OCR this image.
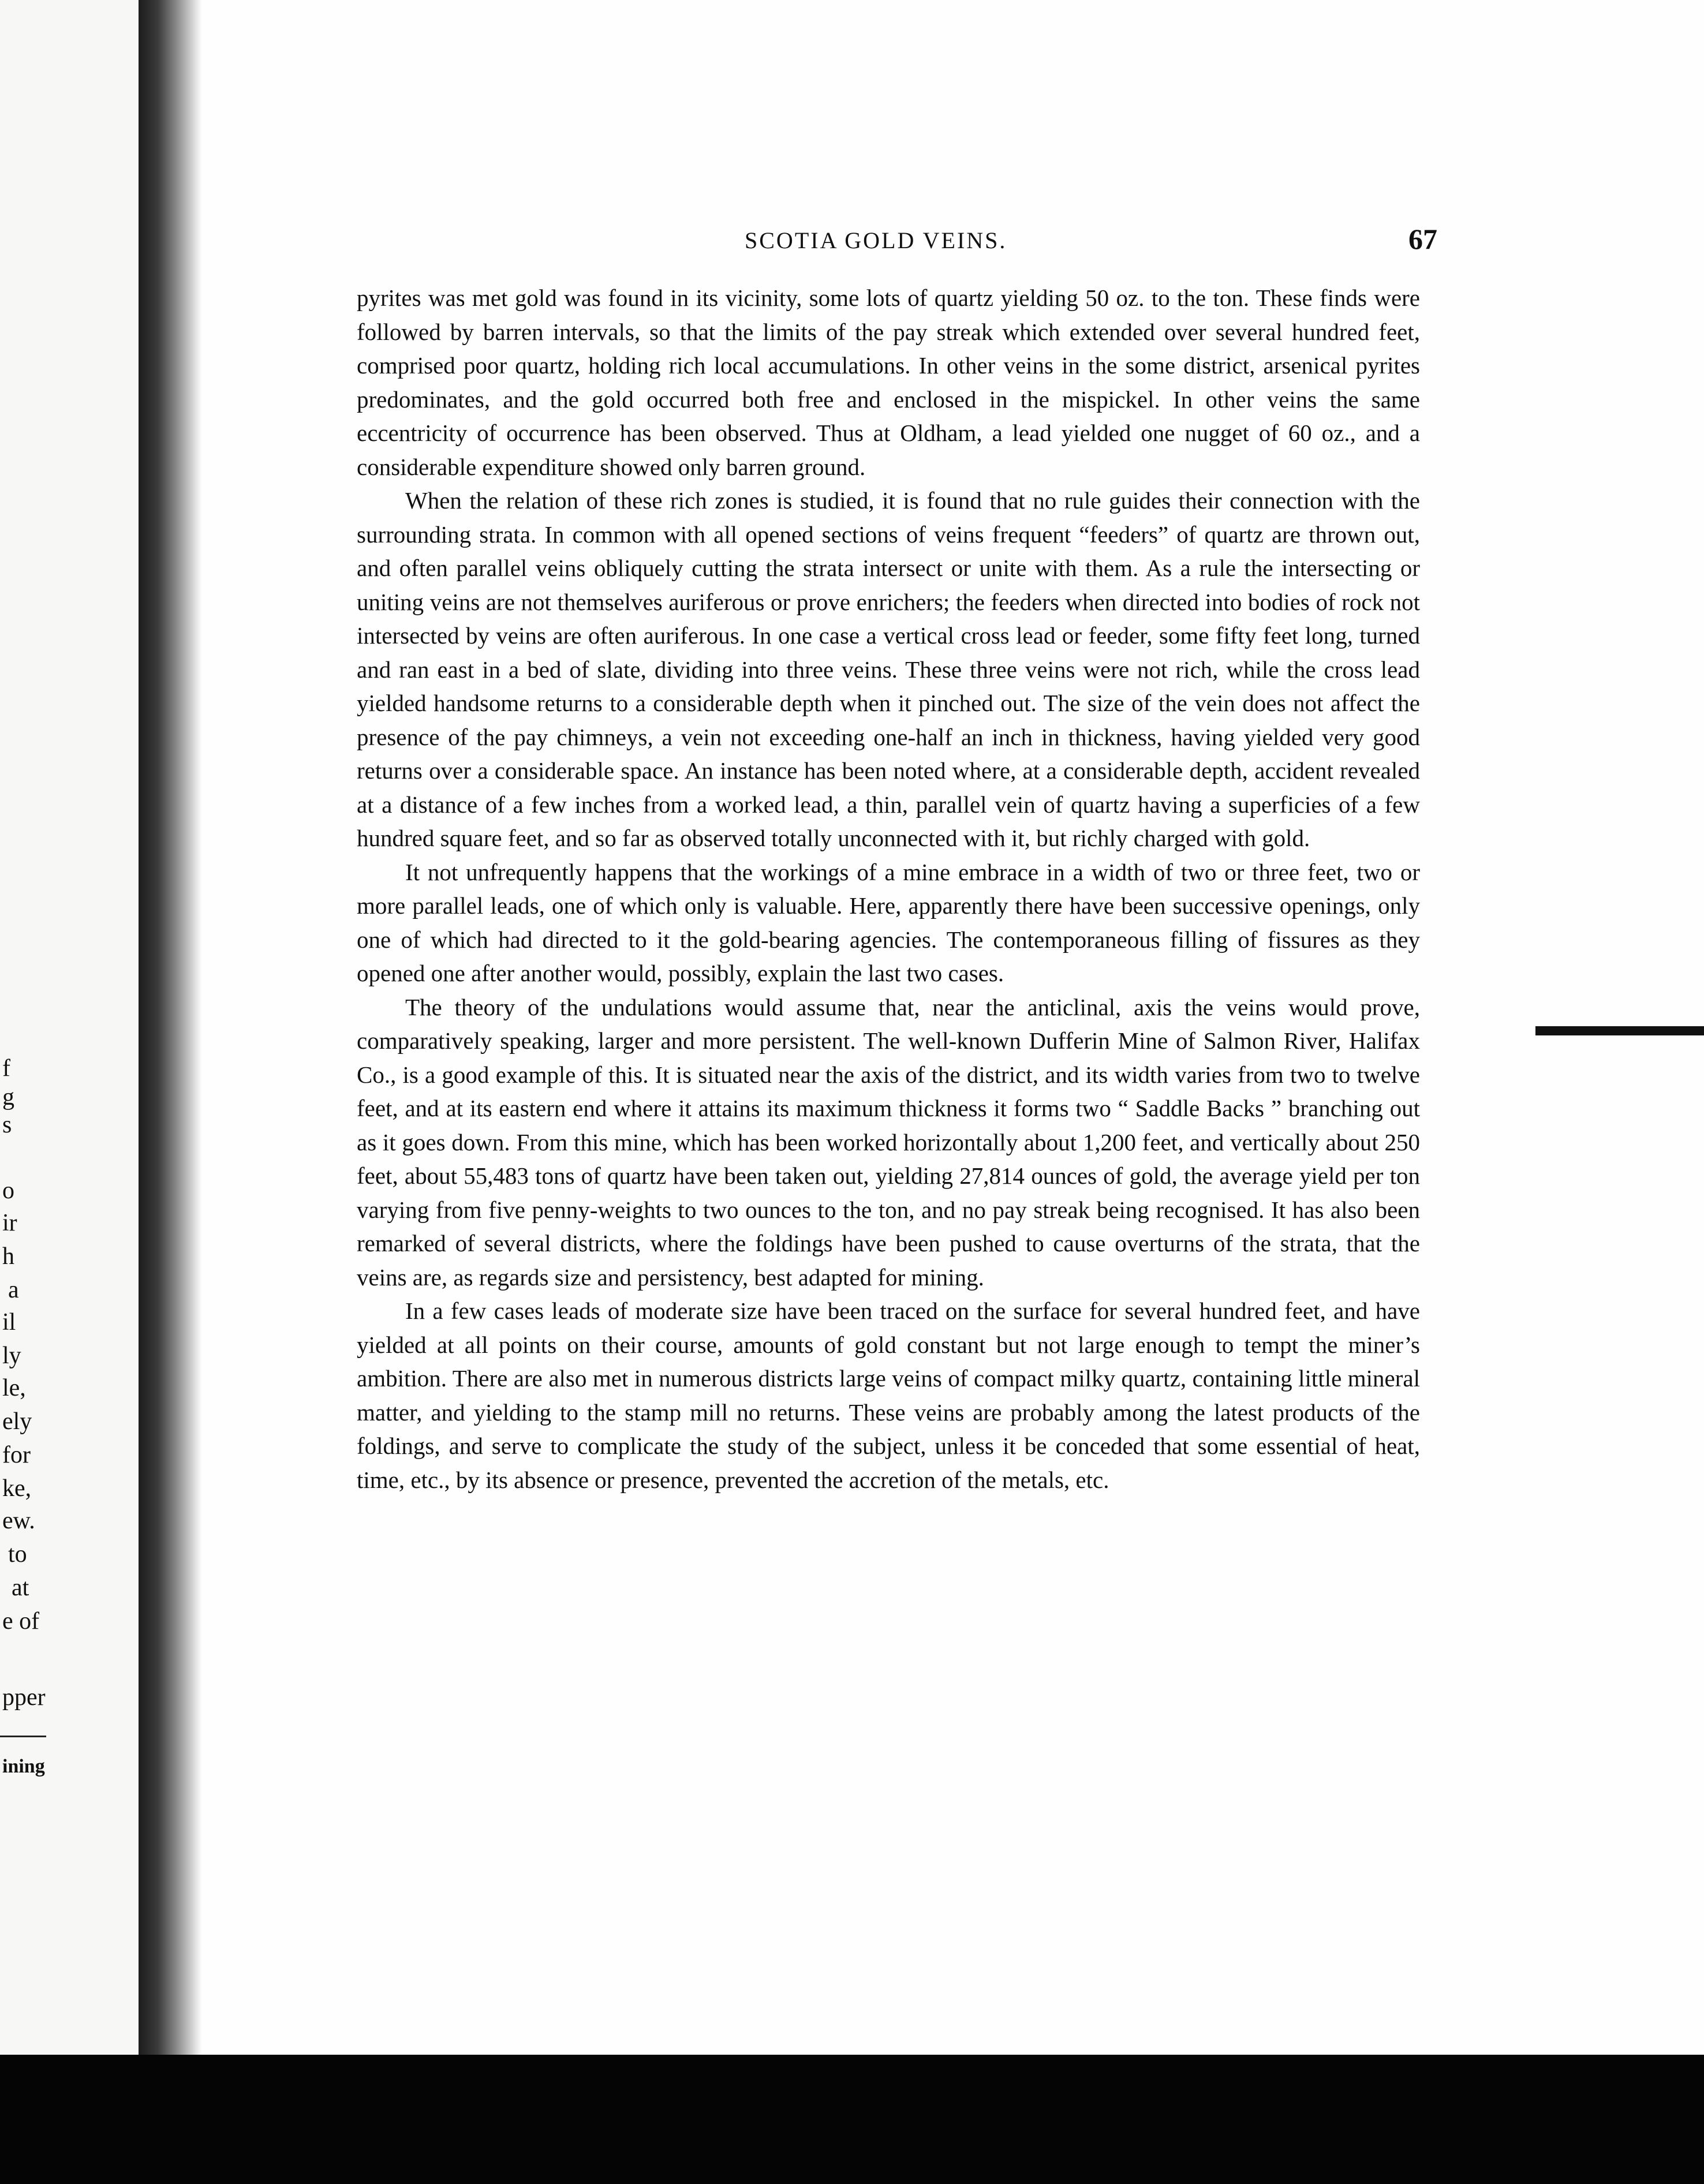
f
g
s
o
ir
h
a
il
ly
le,
ely
for
ke,
ew.
to
at
e of
pper
ining
SCOTIA GOLD VEINS.	67

pyrites was met gold was found in its vicinity, some lots of quartz yielding 50 oz. to the ton. These finds were followed by barren intervals, so that the limits of the pay streak which extended over several hundred feet, comprised poor quartz, holding rich local accumulations. In other veins in the some district, arsenical pyrites predominates, and the gold occurred both free and enclosed in the mispickel. In other veins the same eccentricity of occurrence has been observed. Thus at Oldham, a lead yielded one nugget of 60 oz., and a considerable expenditure showed only barren ground.

When the relation of these rich zones is studied, it is found that no rule guides their connection with the surrounding strata. In common with all opened sections of veins frequent “feeders” of quartz are thrown out, and often parallel veins obliquely cutting the strata intersect or unite with them. As a rule the intersecting or uniting veins are not themselves auriferous or prove enrichers; the feeders when directed into bodies of rock not intersected by veins are often auriferous. In one case a vertical cross lead or feeder, some fifty feet long, turned and ran east in a bed of slate, dividing into three veins. These three veins were not rich, while the cross lead yielded handsome returns to a considerable depth when it pinched out. The size of the vein does not affect the presence of the pay chimneys, a vein not exceeding one-half an inch in thickness, having yielded very good returns over a considerable space. An instance has been noted where, at a considerable depth, accident revealed at a distance of a few inches from a worked lead, a thin, parallel vein of quartz having a superficies of a few hundred square feet, and so far as observed totally unconnected with it, but richly charged with gold.

It not unfrequently happens that the workings of a mine embrace in a width of two or three feet, two or more parallel leads, one of which only is valuable. Here, apparently there have been successive openings, only one of which had directed to it the gold-bearing agencies. The contemporaneous filling of fissures as they opened one after another would, possibly, explain the last two cases.

The theory of the undulations would assume that, near the anticlinal, axis the veins would prove, comparatively speaking, larger and more persistent. The well-known Dufferin Mine of Salmon River, Halifax Co., is a good example of this. It is situated near the axis of the district, and its width varies from two to twelve feet, and at its eastern end where it attains its maximum thickness it forms two “ Saddle Backs ” branching out as it goes down. From this mine, which has been worked horizontally about 1,200 feet, and vertically about 250 feet, about 55,483 tons of quartz have been taken out, yielding 27,814 ounces of gold, the average yield per ton varying from five penny-weights to two ounces to the ton, and no pay streak being recognised. It has also been remarked of several districts, where the foldings have been pushed to cause overturns of the strata, that the veins are, as regards size and persistency, best adapted for mining.

In a few cases leads of moderate size have been traced on the surface for several hundred feet, and have yielded at all points on their course, amounts of gold constant but not large enough to tempt the miner’s ambition. There are also met in numerous districts large veins of compact milky quartz, containing little mineral matter, and yielding to the stamp mill no returns. These veins are probably among the latest products of the foldings, and serve to complicate the study of the subject, unless it be conceded that some essential of heat, time, etc., by its absence or presence, prevented the accretion of the metals, etc.
